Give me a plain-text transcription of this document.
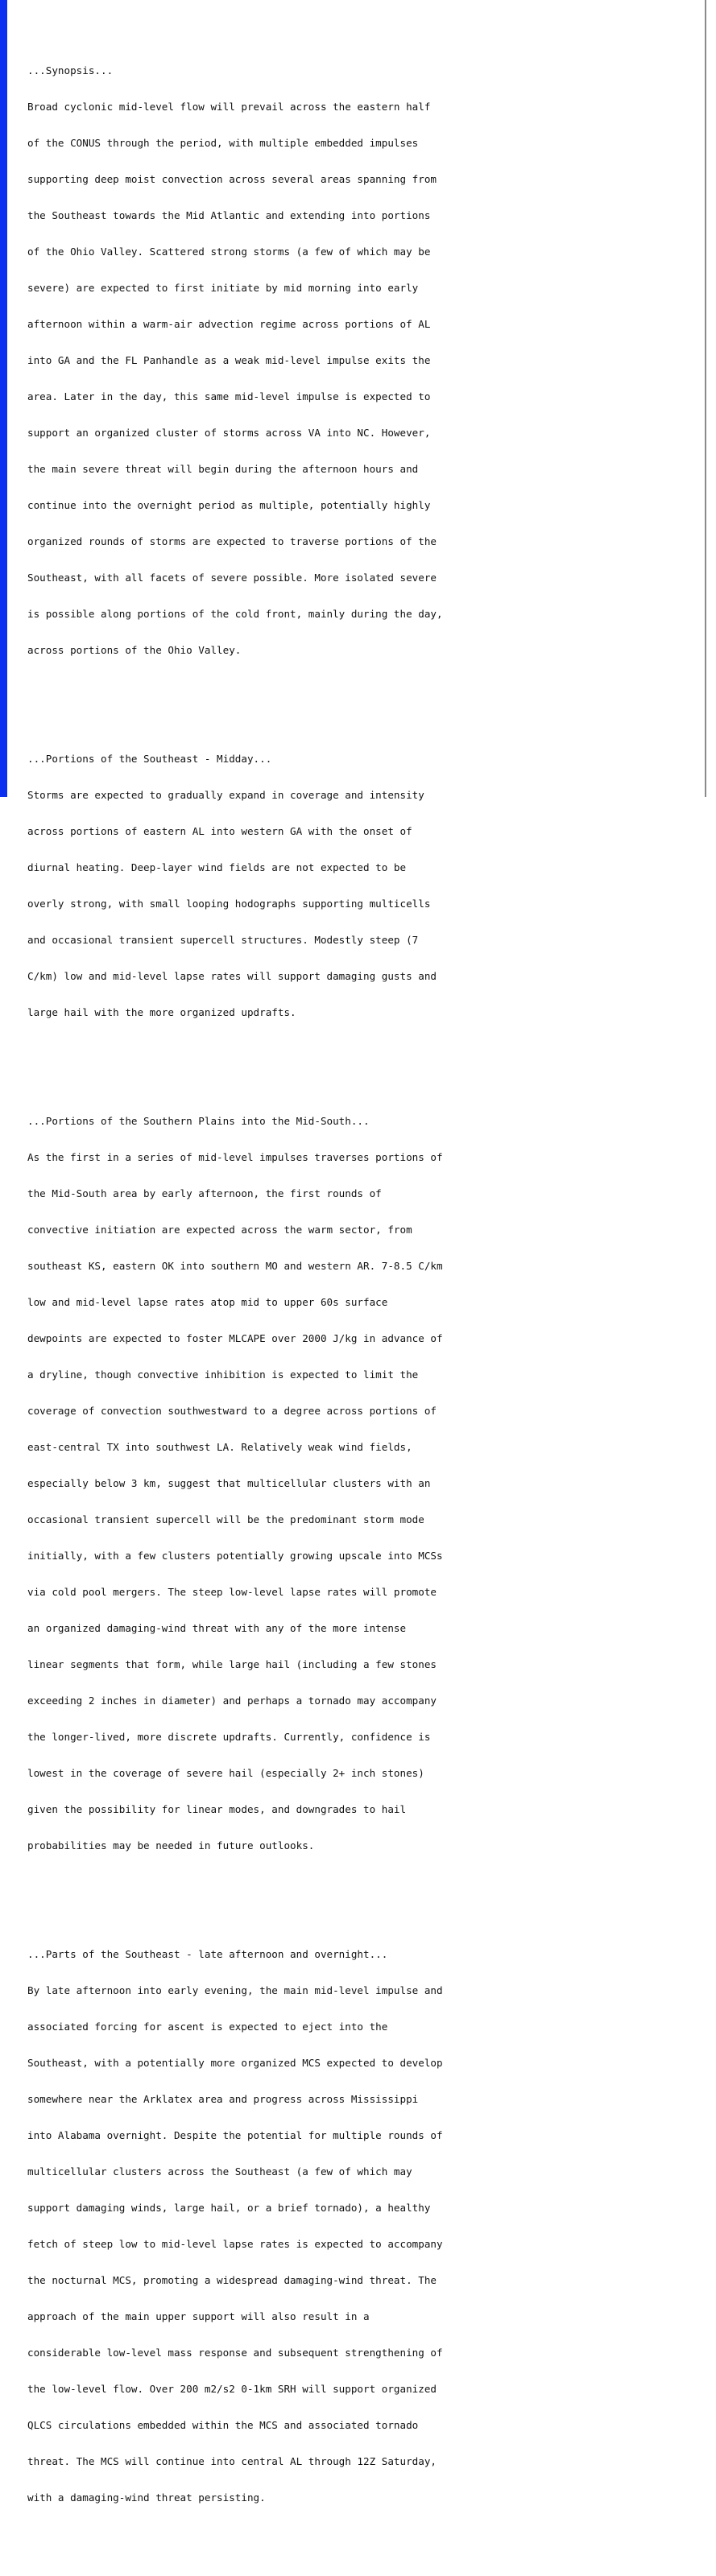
...Synopsis...

Broad cyclonic mid-level flow will prevail across the eastern half

of the CONUS through the period, with multiple embedded impulses

supporting deep moist convection across several areas spanning from

the Southeast towards the Mid Atlantic and extending into portions

of the Ohio Valley. Scattered strong storms (a few of which may be

severe) are expected to first initiate by mid morning into early

afternoon within a warm-air advection regime across portions of AL

into GA and the FL Panhandle as a weak mid-level impulse exits the

area. Later in the day, this same mid-level impulse is expected to

support an organized cluster of storms across VA into NC. However,

the main severe threat will begin during the afternoon hours and

continue into the overnight period as multiple, potentially highly

organized rounds of storms are expected to traverse portions of the

Southeast, with all facets of severe possible. More isolated severe

is possible along portions of the cold front, mainly during the day,

across portions of the Ohio Valley.

...Portions of the Southeast - Midday...

Storms are expected to gradually expand in coverage and intensity

across portions of eastern AL into western GA with the onset of

diurnal heating. Deep-layer wind fields are not expected to be

overly strong, with small looping hodographs supporting multicells

and occasional transient supercell structures. Modestly steep (7

C/km) low and mid-level lapse rates will support damaging gusts and

large hail with the more organized updrafts.

...Portions of the Southern Plains into the Mid-South...

As the first in a series of mid-level impulses traverses portions of

the Mid-South area by early afternoon, the first rounds of

convective initiation are expected across the warm sector, from

southeast KS, eastern OK into southern MO and western AR. 7-8.5 C/km

low and mid-level lapse rates atop mid to upper 60s surface

dewpoints are expected to foster MLCAPE over 2000 J/kg in advance of

a dryline, though convective inhibition is expected to limit the

coverage of convection southwestward to a degree across portions of

east-central TX into southwest LA. Relatively weak wind fields,

especially below 3 km, suggest that multicellular clusters with an

occasional transient supercell will be the predominant storm mode

initially, with a few clusters potentially growing upscale into MCSs

via cold pool mergers. The steep low-level lapse rates will promote

an organized damaging-wind threat with any of the more intense

linear segments that form, while large hail (including a few stones

exceeding 2 inches in diameter) and perhaps a tornado may accompany

the longer-lived, more discrete updrafts. Currently, confidence is

lowest in the coverage of severe hail (especially 2+ inch stones)

given the possibility for linear modes, and downgrades to hail

probabilities may be needed in future outlooks.

...Parts of the Southeast - late afternoon and overnight...

By late afternoon into early evening, the main mid-level impulse and

associated forcing for ascent is expected to eject into the

Southeast, with a potentially more organized MCS expected to develop

somewhere near the Arklatex area and progress across Mississippi

into Alabama overnight. Despite the potential for multiple rounds of

multicellular clusters across the Southeast (a few of which may

support damaging winds, large hail, or a brief tornado), a healthy

fetch of steep low to mid-level lapse rates is expected to accompany

the nocturnal MCS, promoting a widespread damaging-wind threat. The

approach of the main upper support will also result in a

considerable low-level mass response and subsequent strengthening of

the low-level flow. Over 200 m2/s2 0-1km SRH will support organized

QLCS circulations embedded within the MCS and associated tornado

threat. The MCS will continue into central AL through 12Z Saturday,

with a damaging-wind threat persisting.
